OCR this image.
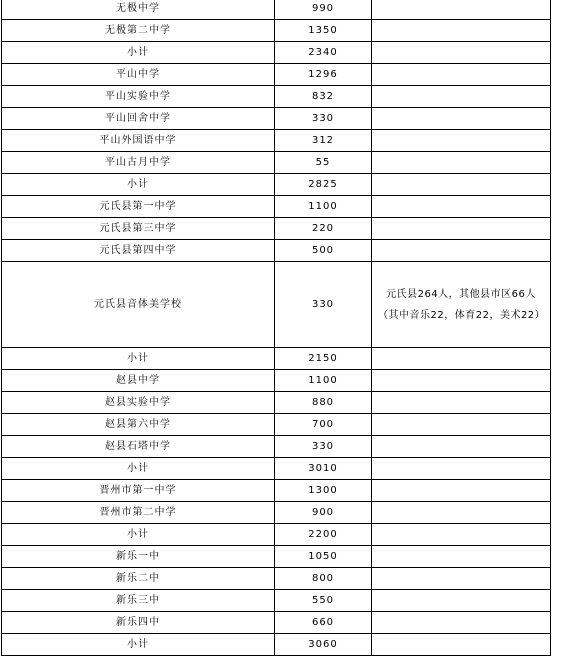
无极中学	990	
无极第二中学	1350	
小计	2340	
平山中学	1296	
平山实验中学	832	
平山回舍中学	330	
平山外国语中学	312	
平山古月中学	55	
小计	2825	
元氏县第一中学	1100	
元氏县第三中学	220	
元氏县第四中学	500	
元氏县音体美学校	330	元氏县264人，其他县市区66人（其中音乐22，体育22，美术22）
小计	2150	
赵县中学	1100	
赵县实验中学	880	
赵县第六中学	700	
赵县石塔中学	330	
小计	3010	
晋州市第一中学	1300	
晋州市第二中学	900	
小计	2200	
新乐一中	1050	
新乐二中	800	
新乐三中	550	
新乐四中	660	
小计	3060	
